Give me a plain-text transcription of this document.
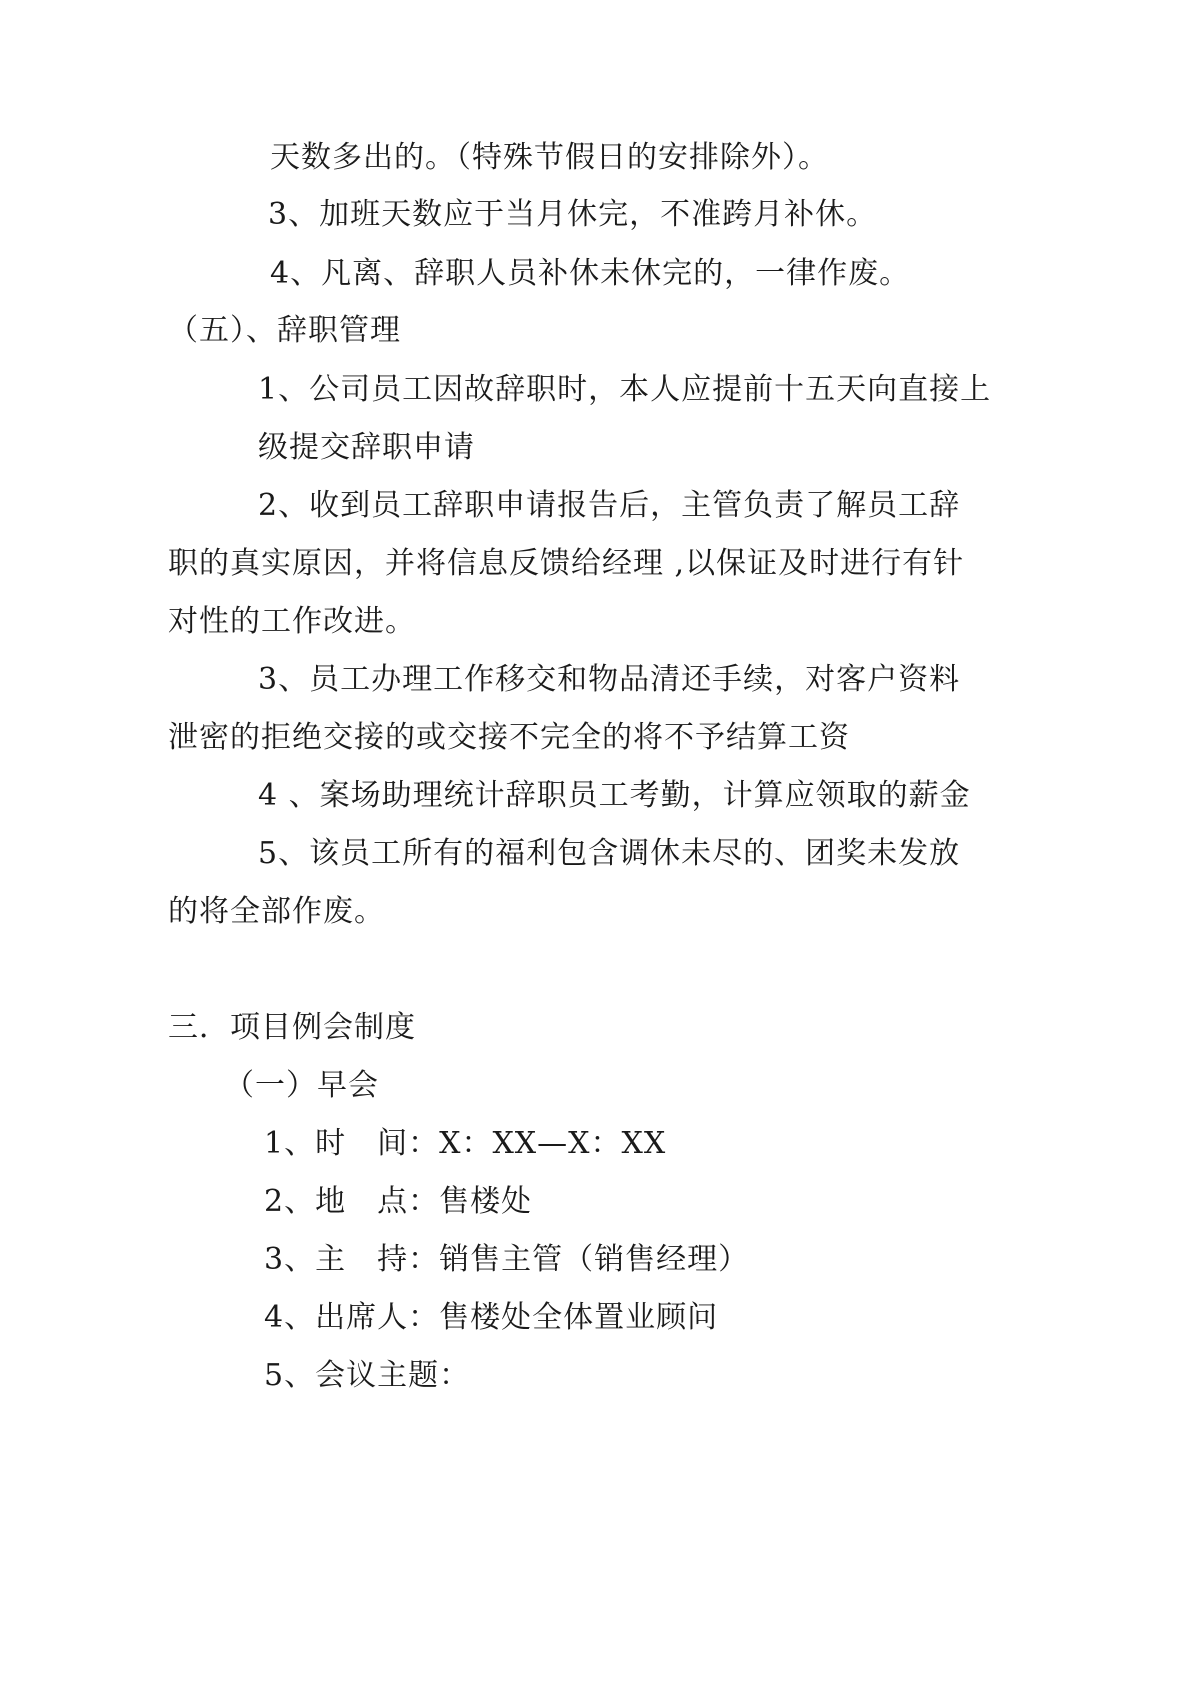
天数多出的。（特殊节假日的安排除外）。
3、加班天数应于当月休完，不准跨月补休。
4、凡离、辞职人员补休未休完的，一律作废。
（五）、辞职管理
1、公司员工因故辞职时，本人应提前十五天向直接上
级提交辞职申请
2、收到员工辞职申请报告后，主管负责了解员工辞
职的真实原因，并将信息反馈给经理 ,以保证及时进行有针
对性的工作改进。
3、员工办理工作移交和物品清还手续，对客户资料
泄密的拒绝交接的或交接不完全的将不予结算工资
4 、案场助理统计辞职员工考勤，计算应领取的薪金
5、该员工所有的福利包含调休未尽的、团奖未发放
的将全部作废。
三．项目例会制度
（一）早会
1、时　间：X：XX—X：XX
2、地　点：售楼处
3、主　持：销售主管（销售经理）
4、出席人：售楼处全体置业顾问
5、会议主题：
